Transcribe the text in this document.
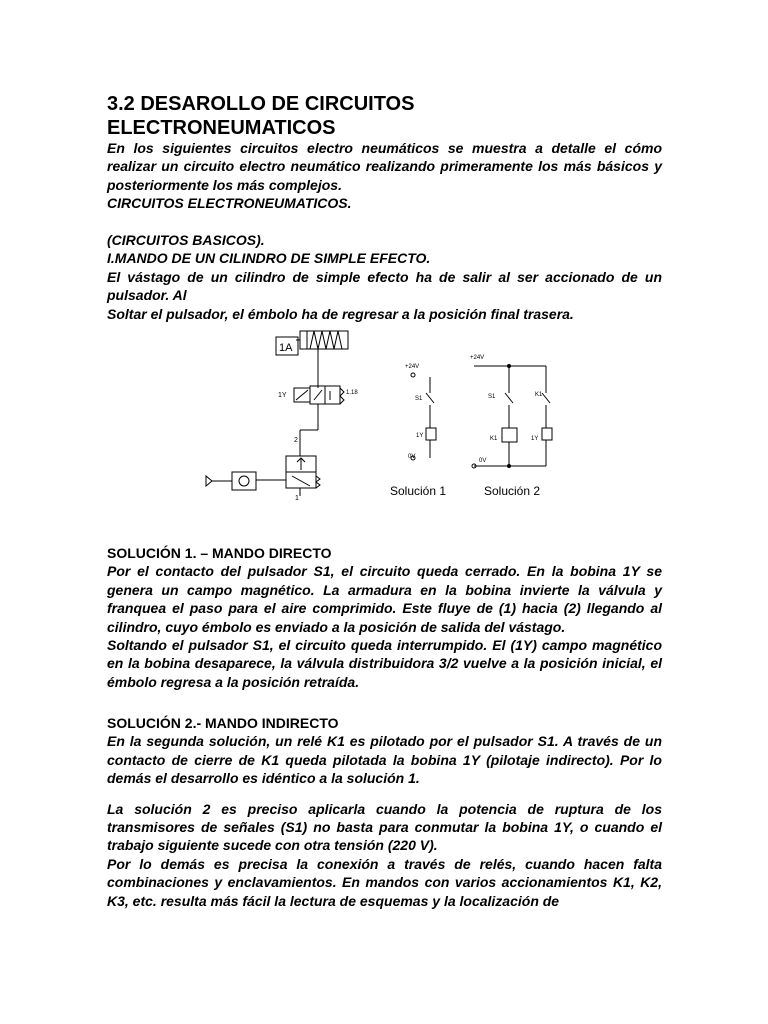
3.2 DESAROLLO DE CIRCUITOS
ELECTRONEUMATICOS

En los siguientes circuitos electro neumáticos se muestra a detalle el cómo realizar un circuito electro neumático realizando primeramente los más básicos y posteriormente los más complejos.

CIRCUITOS ELECTRONEUMATICOS.

(CIRCUITOS BASICOS).

I.MANDO DE UN CILINDRO DE SIMPLE EFECTO.

El vástago de un cilindro de simple efecto ha de salir al ser accionado de un pulsador. Al

Soltar el pulsador, el émbolo ha de regresar a la posición final trasera.

1A
1Y	1.18
2
1
+24V
+24V
S1	S1	K1
K1
1Y	1Y
0V
0V
Solución 1	Solución 2

SOLUCIÓN 1. – MANDO DIRECTO

Por el contacto del pulsador S1, el circuito queda cerrado. En la bobina 1Y se genera un campo magnético. La armadura en la bobina invierte la válvula y franquea el paso para el aire comprimido. Este fluye de (1) hacia (2) llegando al cilindro, cuyo émbolo es enviado a la posición de salida del vástago.

Soltando el pulsador S1, el circuito queda interrumpido. El (1Y) campo magnético en la bobina desaparece, la válvula distribuidora 3/2 vuelve a la posición inicial, el émbolo regresa a la posición retraída.

SOLUCIÓN 2.- MANDO INDIRECTO

En la segunda solución, un relé K1 es pilotado por el pulsador S1. A través de un contacto de cierre de K1 queda pilotada la bobina 1Y (pilotaje indirecto). Por lo demás el desarrollo es idéntico a la solución 1.

La solución 2 es preciso aplicarla cuando la potencia de ruptura de los transmisores de señales (S1) no basta para conmutar la bobina 1Y, o cuando el trabajo siguiente sucede con otra tensión (220 V).

Por lo demás es precisa la conexión a través de relés, cuando hacen falta combinaciones y enclavamientos. En mandos con varios accionamientos K1, K2, K3, etc. resulta más fácil la lectura de esquemas y la localización de
